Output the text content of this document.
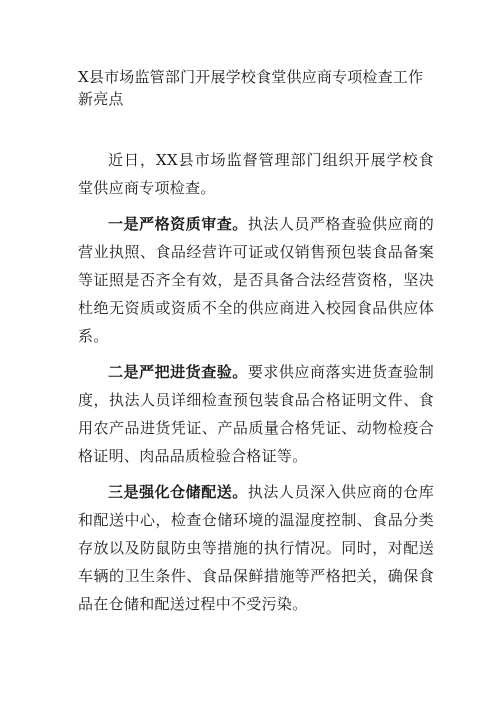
X县市场监管部门开展学校食堂供应商专项检查工作新亮点

近日，XX县市场监督管理部门组织开展学校食堂供应商专项检查。

一是严格资质审查。执法人员严格查验供应商的营业执照、食品经营许可证或仅销售预包装食品备案等证照是否齐全有效，是否具备合法经营资格，坚决杜绝无资质或资质不全的供应商进入校园食品供应体系。

二是严把进货查验。要求供应商落实进货查验制度，执法人员详细检查预包装食品合格证明文件、食用农产品进货凭证、产品质量合格凭证、动物检疫合格证明、肉品品质检验合格证等。

三是强化仓储配送。执法人员深入供应商的仓库和配送中心，检查仓储环境的温湿度控制、食品分类存放以及防鼠防虫等措施的执行情况。同时，对配送车辆的卫生条件、食品保鲜措施等严格把关，确保食品在仓储和配送过程中不受污染。
